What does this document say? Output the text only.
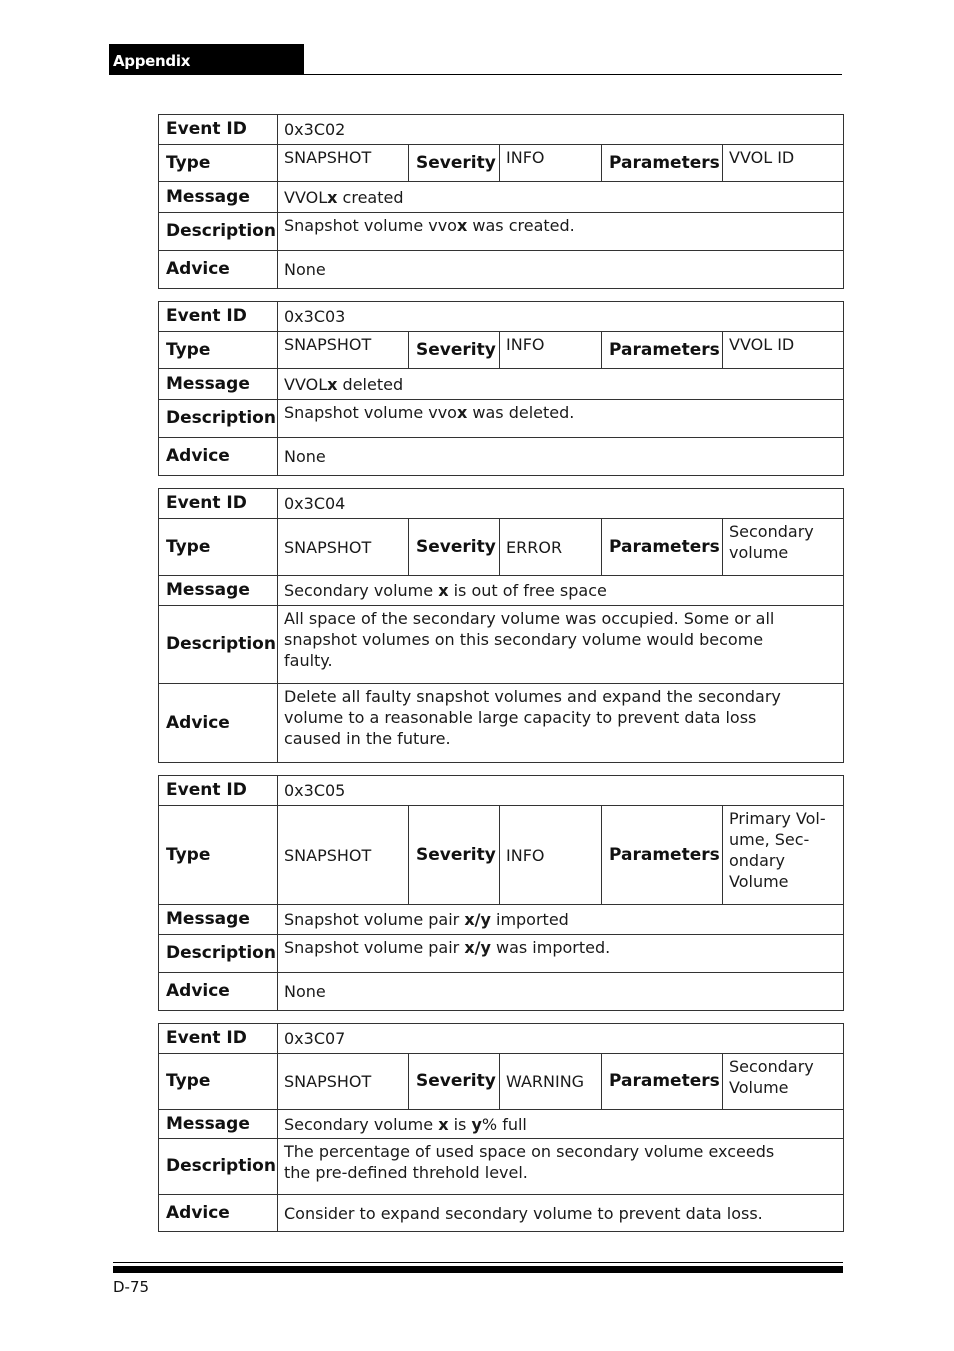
Appendix
Event ID	0x3C02				
Type	SNAPSHOT	Severity	INFO	Parameters	VVOL ID
Message	VVOLx created				
Description	Snapshot volume vvox was created.				
Advice	None				
Event ID	0x3C03				
Type	SNAPSHOT	Severity	INFO	Parameters	VVOL ID
Message	VVOLx deleted				
Description	Snapshot volume vvox was deleted.				
Advice	None				
Event ID	0x3C04				
Type	SNAPSHOT	Severity	ERROR	Parameters	Secondary
volume
Message	Secondary volume x is out of free space				
Description	All space of the secondary volume was occupied. Some or all
snapshot volumes on this secondary volume would become
faulty.				
Advice	Delete all faulty snapshot volumes and expand the secondary
volume to a reasonable large capacity to prevent data loss
caused in the future.				
Event ID	0x3C05				
Type	SNAPSHOT	Severity	INFO	Parameters	Primary Vol-
ume, Sec-
ondary
Volume
Message	Snapshot volume pair x/y imported				
Description	Snapshot volume pair x/y was imported.				
Advice	None				
Event ID	0x3C07				
Type	SNAPSHOT	Severity	WARNING	Parameters	Secondary
Volume
Message	Secondary volume x is y% full				
Description	The percentage of used space on secondary volume exceeds
the pre-defined threhold level.				
Advice	Consider to expand secondary volume to prevent data loss.				
D-75
